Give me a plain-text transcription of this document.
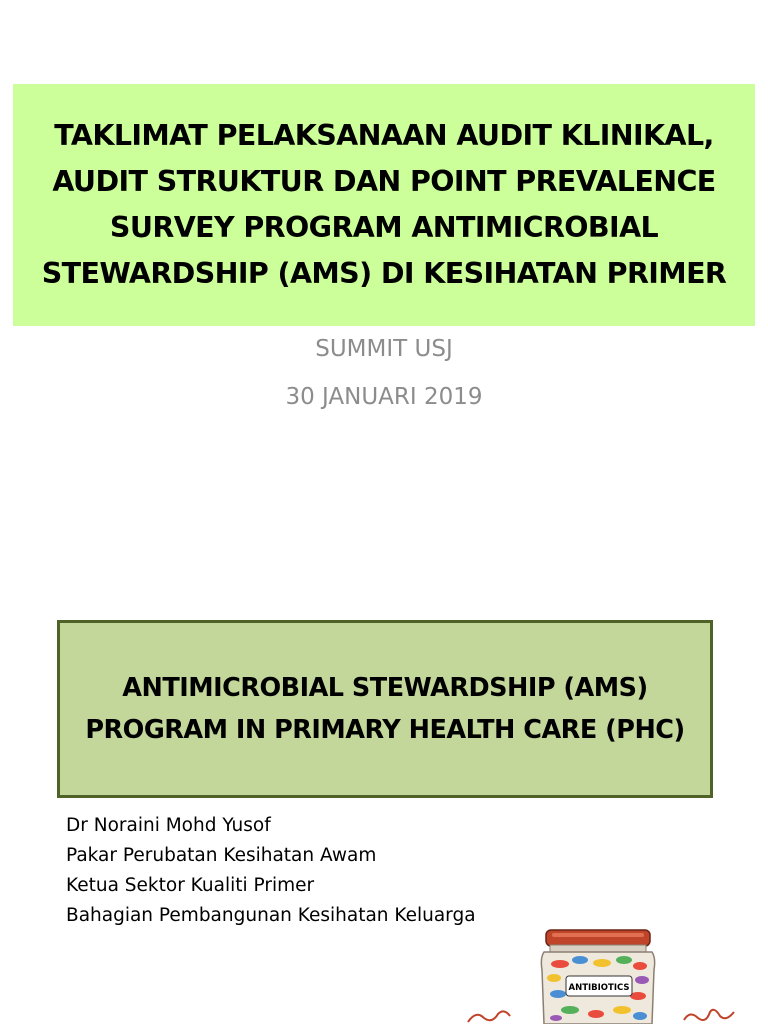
TAKLIMAT PELAKSANAAN AUDIT KLINIKAL,
AUDIT STRUKTUR DAN POINT PREVALENCE
SURVEY PROGRAM ANTIMICROBIAL
STEWARDSHIP (AMS) DI KESIHATAN PRIMER
SUMMIT USJ
30 JANUARI 2019
ANTIMICROBIAL STEWARDSHIP (AMS)
PROGRAM IN PRIMARY HEALTH CARE (PHC)
Dr Noraini Mohd Yusof
Pakar Perubatan Kesihatan Awam
Ketua Sektor Kualiti Primer
Bahagian Pembangunan Kesihatan Keluarga
ANTIBIOTICS
